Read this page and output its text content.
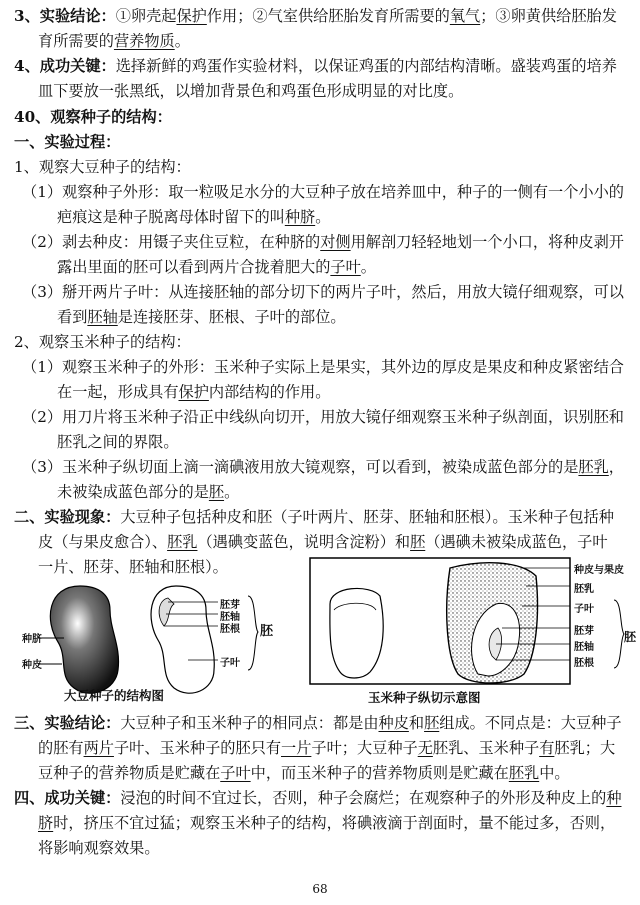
3、实验结论：①卵壳起保护作用；②气室供给胚胎发育所需要的氧气；③卵黄供给胚胎发
育所需要的营养物质。
4、成功关键：选择新鲜的鸡蛋作实验材料，以保证鸡蛋的内部结构清晰。盛装鸡蛋的培养
皿下要放一张黑纸，以增加背景色和鸡蛋色形成明显的对比度。
40、观察种子的结构：
一、实验过程：
1、观察大豆种子的结构：
（1）观察种子外形：取一粒吸足水分的大豆种子放在培养皿中，种子的一侧有一个小小的
疤痕这是种子脱离母体时留下的叫种脐。
（2）剥去种皮：用镊子夹住豆粒，在种脐的对侧用解剖刀轻轻地划一个小口，将种皮剥开
露出里面的胚可以看到两片合拢着肥大的子叶。
（3）掰开两片子叶：从连接胚轴的部分切下的两片子叶，然后，用放大镜仔细观察，可以
看到胚轴是连接胚芽、胚根、子叶的部位。
2、观察玉米种子的结构：
（1）观察玉米种子的外形：玉米种子实际上是果实，其外边的厚皮是果皮和种皮紧密结合
在一起，形成具有保护内部结构的作用。
（2）用刀片将玉米种子沿正中线纵向切开，用放大镜仔细观察玉米种子纵剖面，识别胚和
胚乳之间的界限。
（3）玉米种子纵切面上滴一滴碘液用放大镜观察，可以看到，被染成蓝色部分的是胚乳，
未被染成蓝色部分的是胚。
二、实验现象：大豆种子包括种皮和胚（子叶两片、胚芽、胚轴和胚根）。玉米种子包括种
皮（与果皮愈合）、胚乳（遇碘变蓝色，说明含淀粉）和胚（遇碘未被染成蓝色，子叶
一片、胚芽、胚轴和胚根）。
三、实验结论：大豆种子和玉米种子的相同点：都是由种皮和胚组成。不同点是：大豆种子
的胚有两片子叶、玉米种子的胚只有一片子叶；大豆种子无胚乳、玉米种子有胚乳；大
豆种子的营养物质是贮藏在子叶中，而玉米种子的营养物质则是贮藏在胚乳中。
四、成功关键：浸泡的时间不宜过长，否则，种子会腐烂；在观察种子的外形及种皮上的种
脐时，挤压不宜过猛；观察玉米种子的结构，将碘液滴于剖面时，量不能过多，否则，
将影响观察效果。
种脐
种皮
胚芽
胚轴
胚根
子叶
胚
大豆种子的结构图
种皮与果皮
胚乳
子叶
胚芽
胚轴
胚根
胚
玉米种子纵切示意图
68
